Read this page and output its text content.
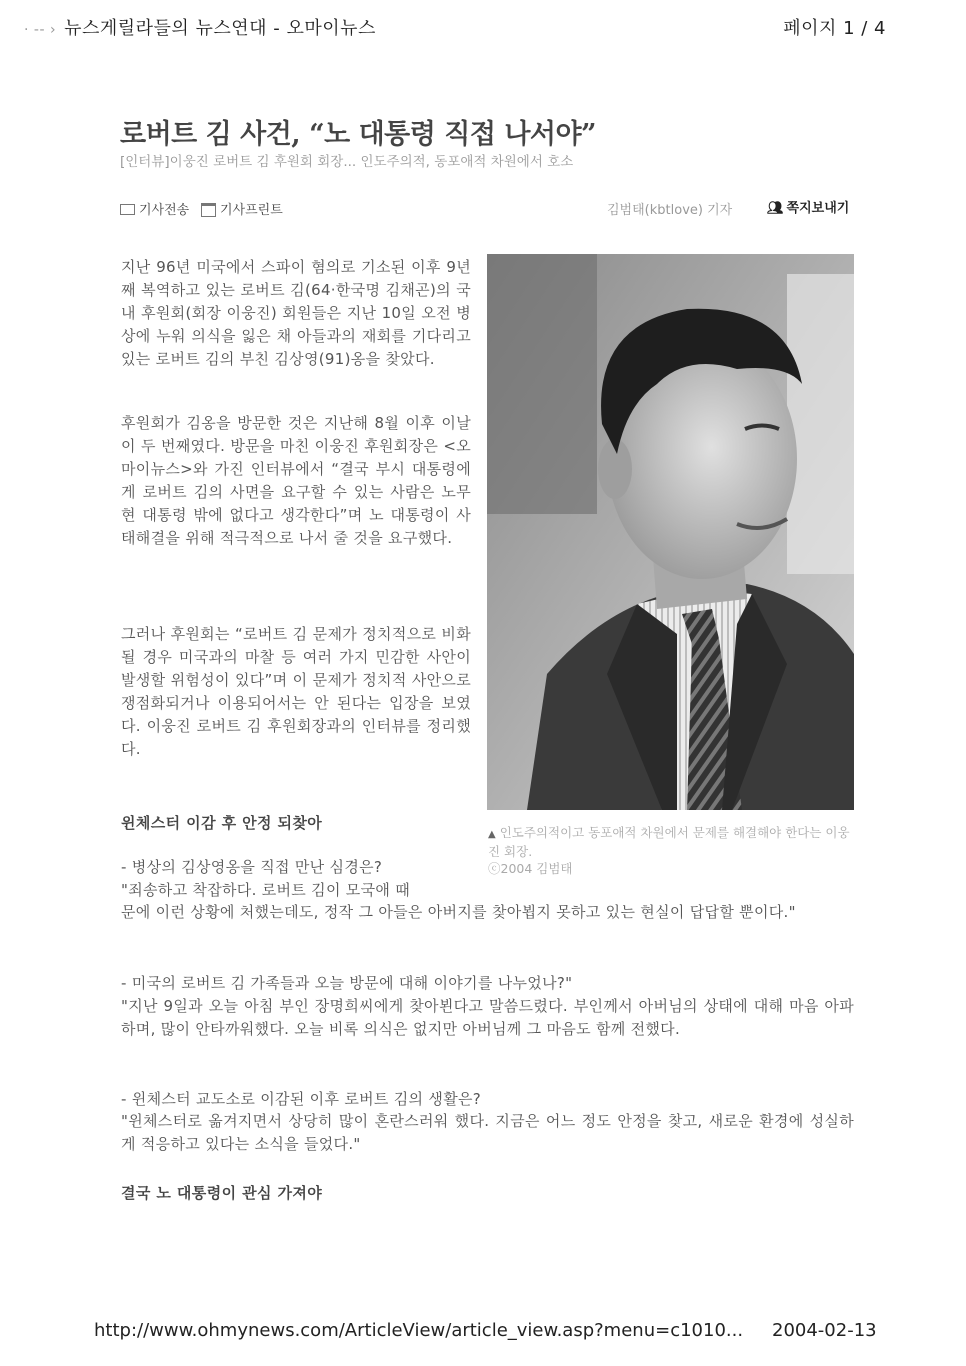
· -- › 뉴스게릴라들의 뉴스연대 - 오마이뉴스	페이지 1 / 4
로버트 김 사건, “노 대통령 직접 나서야”
[인터뷰]이웅진 로버트 김 후원회 회장... 인도주의적, 동포애적 차원에서 호소
기사전송	기사프린트	김범태(kbtlove) 기자	👥︎ 쪽지보내기
지난 96년 미국에서 스파이 혐의로 기소된 이후 9년째 복역하고 있는 로버트 김(64·한국명 김채곤)의 국내 후원회(회장 이웅진) 회원들은 지난 10일 오전 병상에 누워 의식을 잃은 채 아들과의 재회를 기다리고 있는 로버트 김의 부친 김상영(91)옹을 찾았다.
후원회가 김옹을 방문한 것은 지난해 8월 이후 이날이 두 번째였다. 방문을 마친 이웅진 후원회장은 <오마이뉴스>와 가진 인터뷰에서 “결국 부시 대통령에게 로버트 김의 사면을 요구할 수 있는 사람은 노무현 대통령 밖에 없다고 생각한다”며 노 대통령이 사태해결을 위해 적극적으로 나서 줄 것을 요구했다.
그러나 후원회는 “로버트 김 문제가 정치적으로 비화될 경우 미국과의 마찰 등 여러 가지 민감한 사안이 발생할 위험성이 있다”며 이 문제가 정치적 사안으로 쟁점화되거나 이용되어서는 안 된다는 입장을 보였다. 이웅진 로버트 김 후원회장과의 인터뷰를 정리했다.
▲ 인도주의적이고 동포애적 차원에서 문제를 해결해야 한다는 이웅진 회장.
ⓒ2004 김범태
윈체스터 이감 후 안정 되찾아
- 병상의 김상영옹을 직접 만난 심경은?
"죄송하고 착잡하다. 로버트 김이 모국애 때
문에 이런 상황에 처했는데도, 정작 그 아들은 아버지를 찾아뵙지 못하고 있는 현실이 답답할 뿐이다."
- 미국의 로버트 김 가족들과 오늘 방문에 대해 이야기를 나누었나?"
"지난 9일과 오늘 아침 부인 장명희씨에게 찾아뵌다고 말씀드렸다. 부인께서 아버님의 상태에 대해 마음 아파하며, 많이 안타까워했다. 오늘 비록 의식은 없지만 아버님께 그 마음도 함께 전했다.
- 윈체스터 교도소로 이감된 이후 로버트 김의 생활은?
"윈체스터로 옮겨지면서 상당히 많이 혼란스러워 했다. 지금은 어느 정도 안정을 찾고, 새로운 환경에 성실하게 적응하고 있다는 소식을 들었다."
결국 노 대통령이 관심 가져야
http://www.ohmynews.com/ArticleView/article_view.asp?menu=c1010... 2004-02-13
